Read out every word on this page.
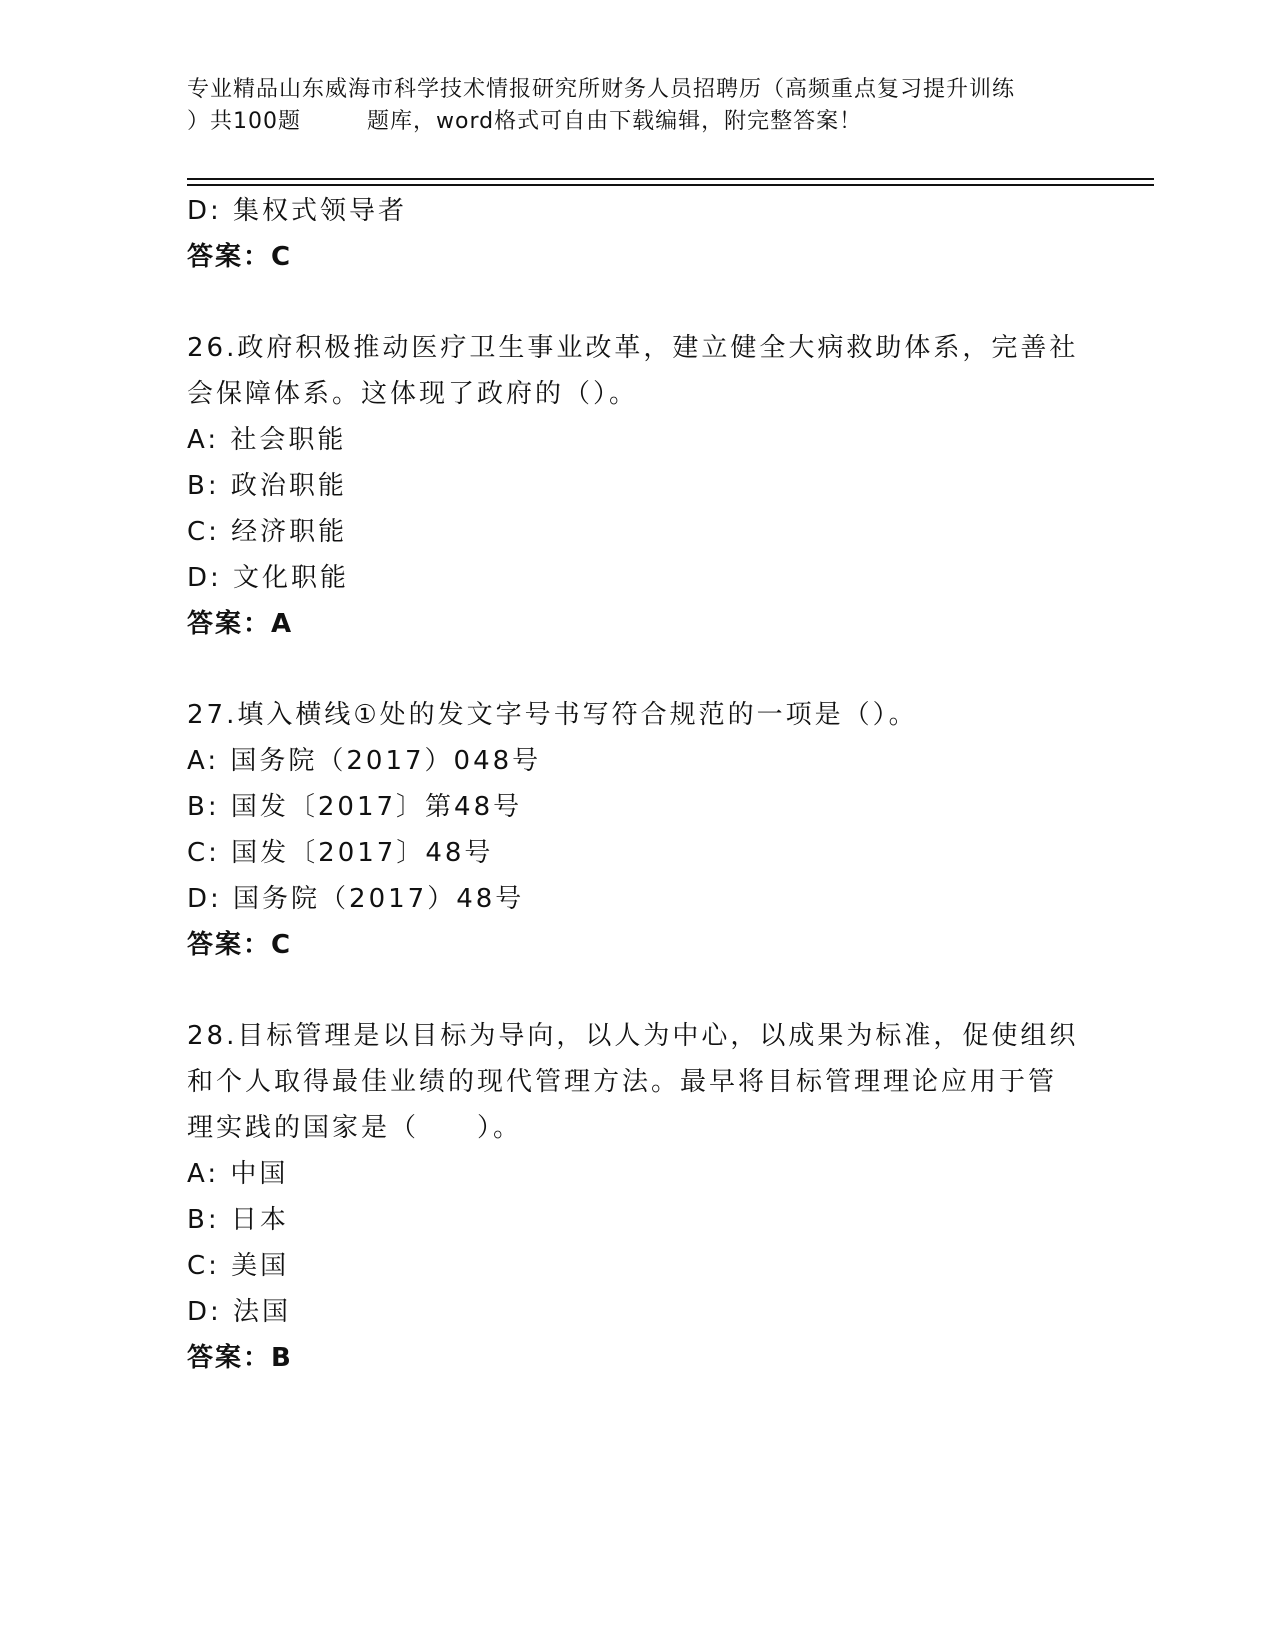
专业精品山东威海市科学技术情报研究所财务人员招聘历（高频重点复习提升训练
）共100题	题库，word格式可自由下载编辑，附完整答案！
D: 集权式领导者
答案：C
26.政府积极推动医疗卫生事业改革，建立健全大病救助体系，完善社
会保障体系。这体现了政府的（）。
A: 社会职能
B: 政治职能
C: 经济职能
D: 文化职能
答案：A
27.填入横线①处的发文字号书写符合规范的一项是（）。
A: 国务院（2017）048号
B: 国发〔2017〕第48号
C: 国发〔2017〕48号
D: 国务院（2017）48号
答案：C
28.目标管理是以目标为导向，以人为中心，以成果为标准，促使组织
和个人取得最佳业绩的现代管理方法。最早将目标管理理论应用于管
理实践的国家是（　　）。
A: 中国
B: 日本
C: 美国
D: 法国
答案：B
